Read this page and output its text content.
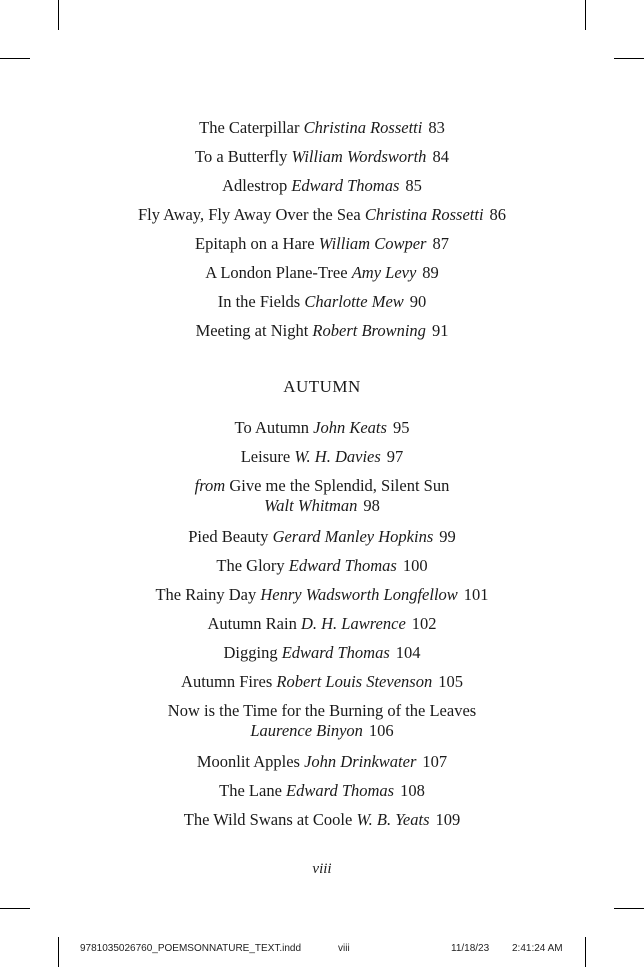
The Caterpillar Christina Rossetti 83
To a Butterfly William Wordsworth 84
Adlestrop Edward Thomas 85
Fly Away, Fly Away Over the Sea Christina Rossetti 86
Epitaph on a Hare William Cowper 87
A London Plane-Tree Amy Levy 89
In the Fields Charlotte Mew 90
Meeting at Night Robert Browning 91
AUTUMN
To Autumn John Keats 95
Leisure W. H. Davies 97
from Give me the Splendid, Silent Sun
Walt Whitman 98
Pied Beauty Gerard Manley Hopkins 99
The Glory Edward Thomas 100
The Rainy Day Henry Wadsworth Longfellow 101
Autumn Rain D. H. Lawrence 102
Digging Edward Thomas 104
Autumn Fires Robert Louis Stevenson 105
Now is the Time for the Burning of the Leaves
Laurence Binyon 106
Moonlit Apples John Drinkwater 107
The Lane Edward Thomas 108
The Wild Swans at Coole W. B. Yeats 109
viii
9781035026760_POEMSONNATURE_TEXT.indd	viii	11/18/23 2:41:24 AM
